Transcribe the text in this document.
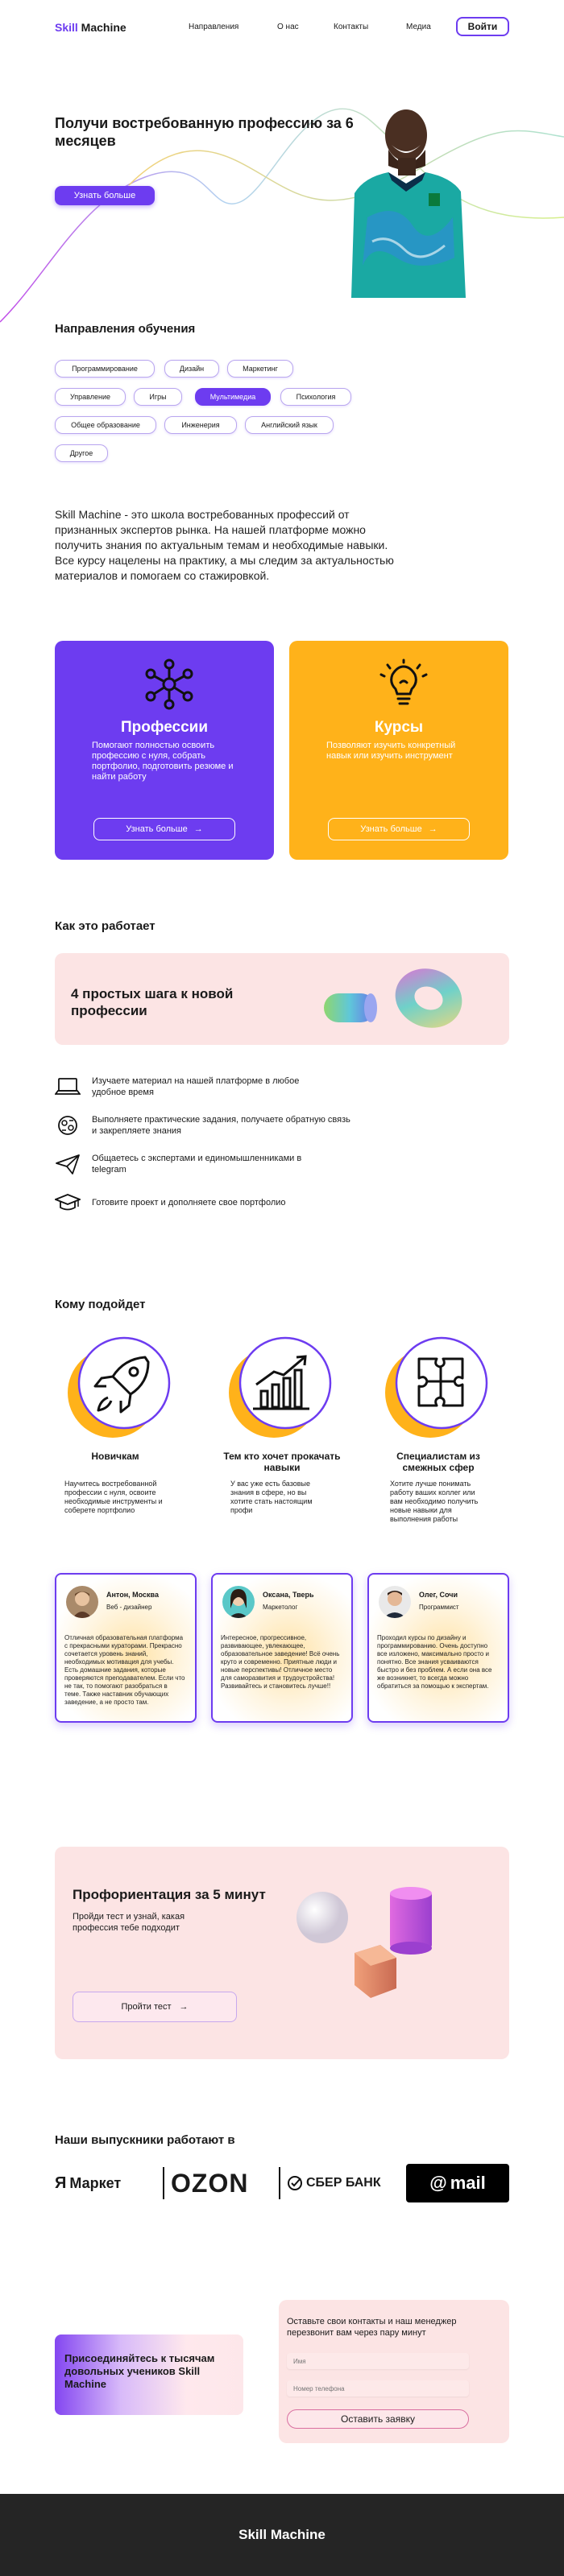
Skill Machine	Направления	О нас	Контакты	Медиа	Войти
Получи востребованную профессию за 6 месяцев
Узнать больше
Направления обучения
Программирование	Дизайн	Маркетинг
Управление	Игры	Мультимедиа	Психология
Общее образование	Инженерия	Английский язык
Другое
Skill Machine - это школа востребованных профессий от признанных экспертов рынка. На нашей платформе можно получить знания по актуальным темам и необходимые навыки. Все курсу нацелены на практику, а мы следим за актуальностью материалов и помогаем со стажировкой.
Профессии
Помогают полностью освоить профессию с нуля, собрать портфолио, подготовить резюме и найти работу
Узнать больше →
Курсы
Позволяют изучить конкретный навык или изучить инструмент
Узнать больше →
Как это работает
4 простых шага к новой профессии
Изучаете материал на нашей платформе в любое удобное время
Выполняете практические задания, получаете обратную связь и закрепляете знания
Общаетесь с экспертами и единомышленниками в telegram
Готовите проект и дополняете свое портфолио
Кому подойдет
Новичкам
Научитесь востребованной профессии с нуля, освоите необходимые инструменты и соберете портфолио
Тем кто хочет прокачать навыки
У вас уже есть базовые знания в сфере, но вы хотите стать настоящим профи
Специалистам из смежных сфер
Хотите лучше понимать работу ваших коллег или вам необходимо получить новые навыки для выполнения работы
Антон, Москва
Веб - дизайнер
Отличная образовательная платформа с прекрасными кураторами. Прекрасно сочетается уровень знаний, необходимых мотивация для учебы. Есть домашние задания, которые проверяются преподавателем. Если что не так, то помогают разобраться в теме. Также наставник обучающих заведение, а не просто там.
Оксана, Тверь
Маркетолог
Интересное, прогрессивное, развивающее, увлекающее, образовательное заведение! Всё очень круто и современно. Приятные люди и новые перспективы! Отличное место для саморазвития и трудоустройства! Развивайтесь и становитесь лучше!!
Олег, Сочи
Программист
Проходил курсы по дизайну и программированию. Очень доступно все изложено, максимально просто и понятно. Все знания усваиваются быстро и без проблем. А если она все же возникнет, то всегда можно обратиться за помощью к экспертам.
Профориентация за 5 минут
Пройди тест и узнай, какая профессия тебе подходит
Пройти тест →
Наши выпускники работают в
Я Маркет OZON	СБЕР БАНК	@ mail
Присоединяйтесь к тысячам довольных учеников Skill Machine
Оставьте свои контакты и наш менеджер перезвонит вам через пару минут
Имя
Номер телефона
Оставить заявку
Skill Machine
